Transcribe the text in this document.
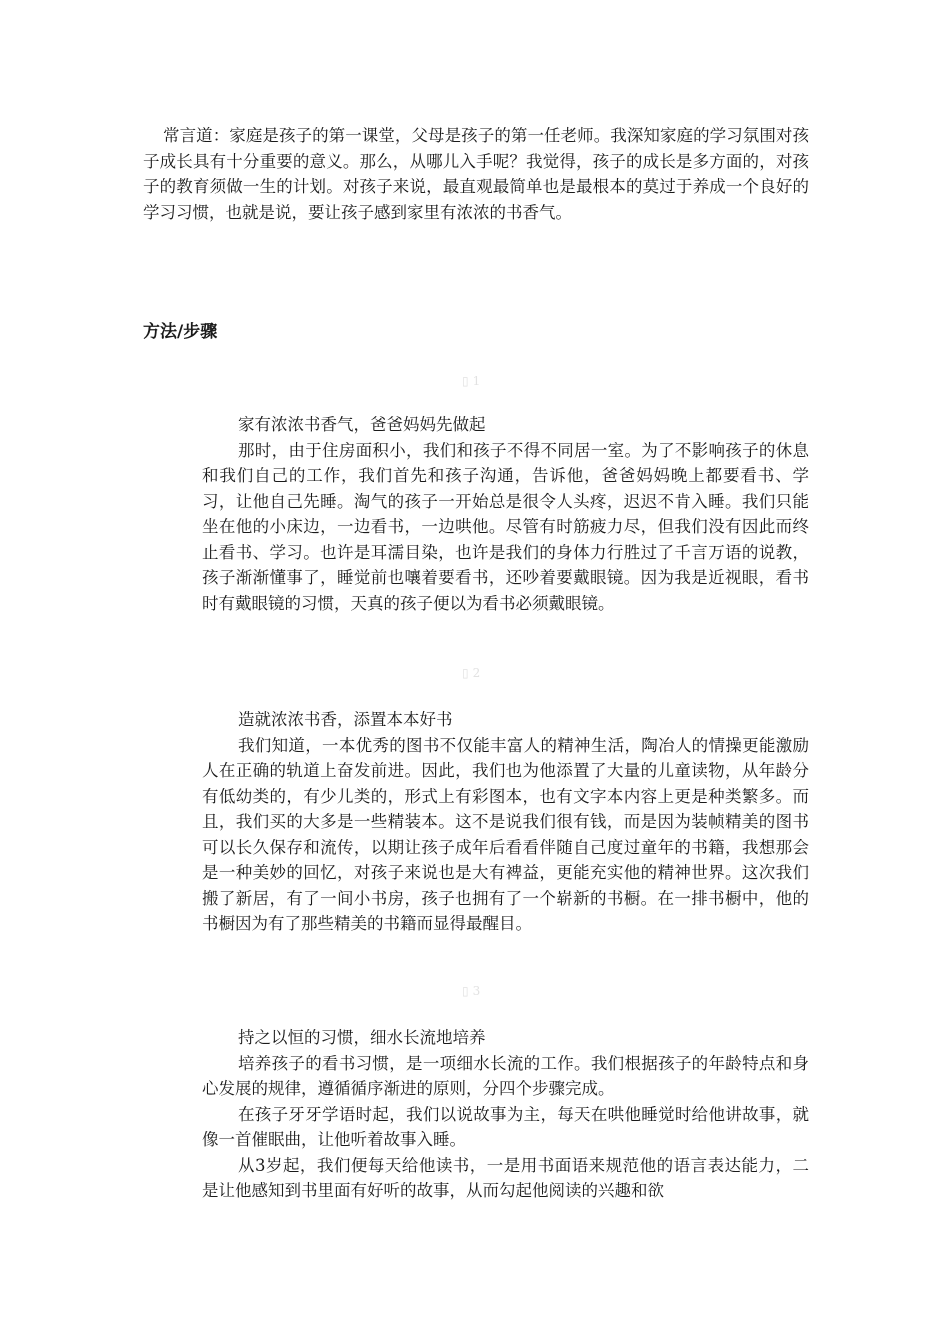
常言道：家庭是孩子的第一课堂，父母是孩子的第一任老师。我深知家庭的学习氛围对孩子成长具有十分重要的意义。那么，从哪儿入手呢？我觉得，孩子的成长是多方面的，对孩子的教育须做一生的计划。对孩子来说，最直观最简单也是最根本的莫过于养成一个良好的学习习惯，也就是说，要让孩子感到家里有浓浓的书香气。

方法/步骤

▯1

家有浓浓书香气，爸爸妈妈先做起

那时，由于住房面积小，我们和孩子不得不同居一室。为了不影响孩子的休息和我们自己的工作，我们首先和孩子沟通，告诉他，爸爸妈妈晚上都要看书、学习，让他自己先睡。淘气的孩子一开始总是很令人头疼，迟迟不肯入睡。我们只能坐在他的小床边，一边看书，一边哄他。尽管有时筋疲力尽，但我们没有因此而终止看书、学习。也许是耳濡目染，也许是我们的身体力行胜过了千言万语的说教，孩子渐渐懂事了，睡觉前也嚷着要看书，还吵着要戴眼镜。因为我是近视眼，看书时有戴眼镜的习惯，天真的孩子便以为看书必须戴眼镜。

▯2

造就浓浓书香，添置本本好书

我们知道，一本优秀的图书不仅能丰富人的精神生活，陶冶人的情操更能激励人在正确的轨道上奋发前进。因此，我们也为他添置了大量的儿童读物，从年龄分有低幼类的，有少儿类的，形式上有彩图本，也有文字本内容上更是种类繁多。而且，我们买的大多是一些精装本。这不是说我们很有钱，而是因为装帧精美的图书可以长久保存和流传，以期让孩子成年后看看伴随自己度过童年的书籍，我想那会是一种美妙的回忆，对孩子来说也是大有裨益，更能充实他的精神世界。这次我们搬了新居，有了一间小书房，孩子也拥有了一个崭新的书橱。在一排书橱中，他的书橱因为有了那些精美的书籍而显得最醒目。

▯3

持之以恒的习惯，细水长流地培养

培养孩子的看书习惯，是一项细水长流的工作。我们根据孩子的年龄特点和身心发展的规律，遵循循序渐进的原则，分四个步骤完成。

在孩子牙牙学语时起，我们以说故事为主，每天在哄他睡觉时给他讲故事，就像一首催眠曲，让他听着故事入睡。

从3岁起，我们便每天给他读书，一是用书面语来规范他的语言表达能力，二是让他感知到书里面有好听的故事，从而勾起他阅读的兴趣和欲
